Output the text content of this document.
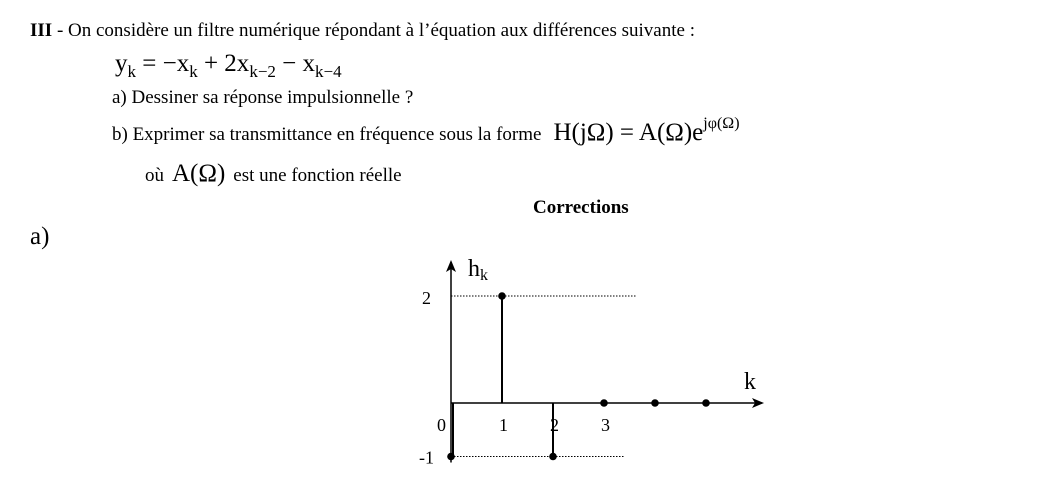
III - On considère un filtre numérique répondant à l’équation aux différences suivante :
$y_k = -x_k + 2x_{k-2} - x_{k-4}$
a) Dessiner sa réponse impulsionnelle ?
b) Exprimer sa transmittance en fréquence sous la forme $H(j\Omega) = A(\Omega)e^{j\varphi(\Omega)}$
où A(Ω) est une fonction réelle
Corrections
a)
0	1 2 3
2
-1
hk
k
